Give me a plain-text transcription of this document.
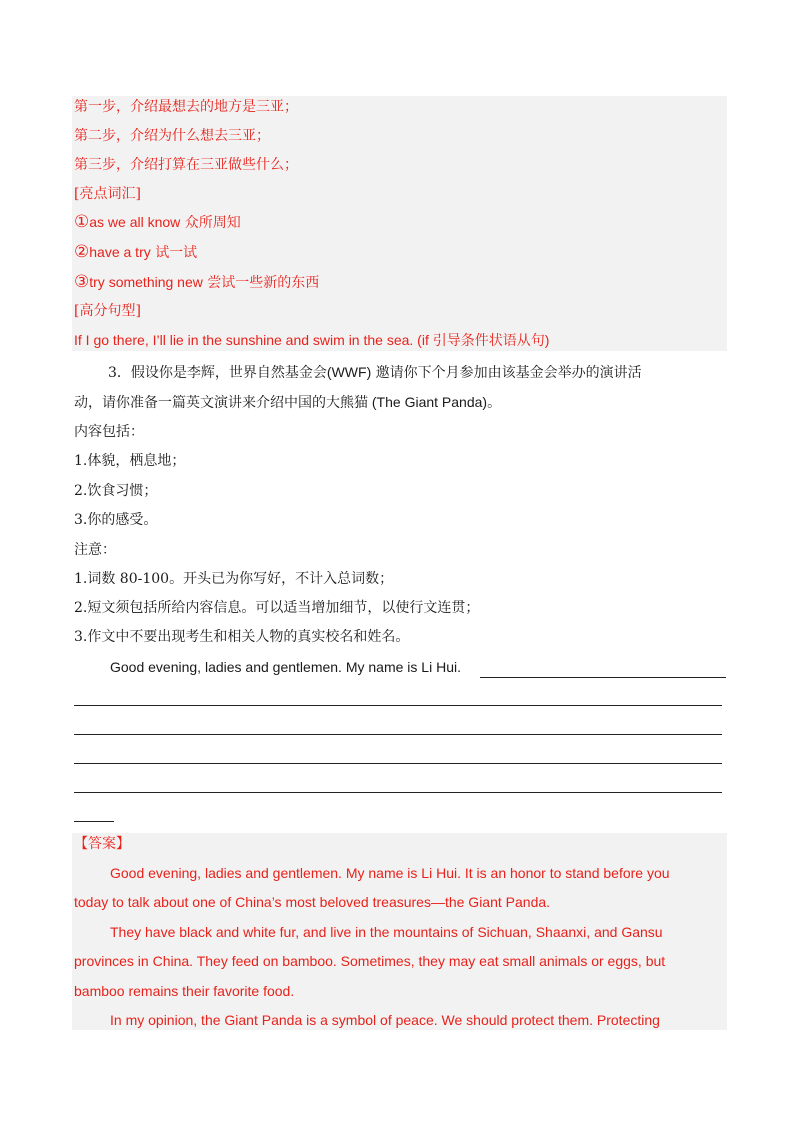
第一步，介绍最想去的地方是三亚；
第二步，介绍为什么想去三亚；
第三步，介绍打算在三亚做些什么；
[亮点词汇]
①as we all know 众所周知
②have a try 试一试
③try something new 尝试一些新的东西
[高分句型]
If I go there, I’ll lie in the sunshine and swim in the sea. (if 引导条件状语从句)
3．假设你是李辉，世界自然基金会(WWF) 邀请你下个月参加由该基金会举办的演讲活
动，请你准备一篇英文演讲来介绍中国的大熊猫 (The Giant Panda)。
内容包括：
1.体貌，栖息地；
2.饮食习惯；
3.你的感受。
注意：
1.词数 80-100。开头已为你写好，不计入总词数；
2.短文须包括所给内容信息。可以适当增加细节，以使行文连贯；
3.作文中不要出现考生和相关人物的真实校名和姓名。
Good evening, ladies and gentlemen. My name is Li Hui.
【答案】
Good evening, ladies and gentlemen. My name is Li Hui. It is an honor to stand before you
today to talk about one of China’s most beloved treasures—the Giant Panda.
They have black and white fur, and live in the mountains of Sichuan, Shaanxi, and Gansu
provinces in China. They feed on bamboo. Sometimes, they may eat small animals or eggs, but
bamboo remains their favorite food.
In my opinion, the Giant Panda is a symbol of peace. We should protect them. Protecting
